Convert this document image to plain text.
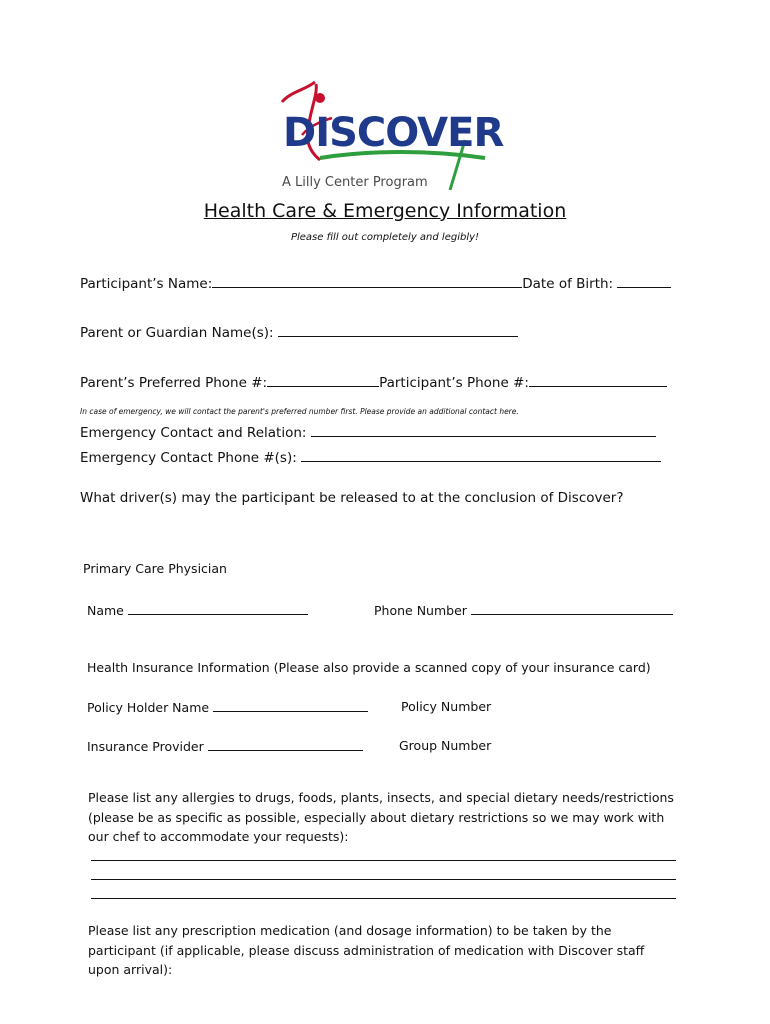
DISCOVER
A Lilly Center Program
Health Care & Emergency Information
Please fill out completely and legibly!
Participant’s Name:	Date of Birth:
Parent or Guardian Name(s):
Parent’s Preferred Phone #:	Participant’s Phone #:
In case of emergency, we will contact the parent's preferred number first. Please provide an additional contact here.
Emergency Contact and Relation:
Emergency Contact Phone #(s):
What driver(s) may the participant be released to at the conclusion of Discover?
Primary Care Physician
Name	Phone Number
Health Insurance Information (Please also provide a scanned copy of your insurance card)
Policy Holder Name	Policy Number
Insurance Provider	Group Number
Please list any allergies to drugs, foods, plants, insects, and special dietary needs/restrictions
(please be as specific as possible, especially about dietary restrictions so we may work with
our chef to accommodate your requests):
Please list any prescription medication (and dosage information) to be taken by the
participant (if applicable, please discuss administration of medication with Discover staff
upon arrival):
